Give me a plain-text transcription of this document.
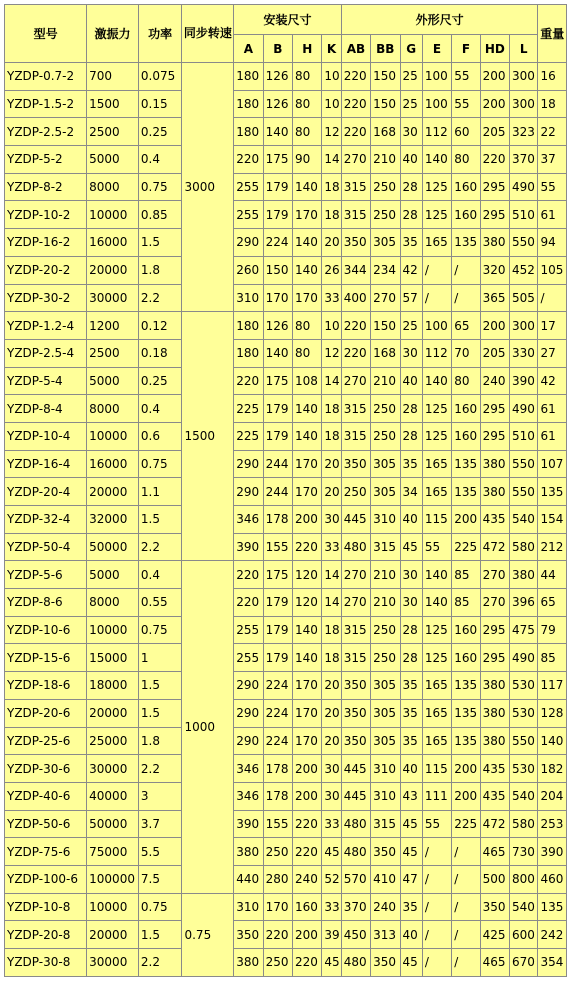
型号	激振力	功率	同步转速	安装尺寸				外形尺寸							重量
				A	B	H	K	AB	BB	G	E	F	HD	L	
YZDP-0.7-2	700	0.075	3000	180	126	80	10	220	150	25	100	55	200	300	16
YZDP-1.5-2	1500	0.15		180	126	80	10	220	150	25	100	55	200	300	18
YZDP-2.5-2	2500	0.25		180	140	80	12	220	168	30	112	60	205	323	22
YZDP-5-2	5000	0.4		220	175	90	14	270	210	40	140	80	220	370	37
YZDP-8-2	8000	0.75		255	179	140	18	315	250	28	125	160	295	490	55
YZDP-10-2	10000	0.85		255	179	170	18	315	250	28	125	160	295	510	61
YZDP-16-2	16000	1.5		290	224	140	20	350	305	35	165	135	380	550	94
YZDP-20-2	20000	1.8		260	150	140	26	344	234	42	/	/	320	452	105
YZDP-30-2	30000	2.2		310	170	170	33	400	270	57	/	/	365	505	/
YZDP-1.2-4	1200	0.12	1500	180	126	80	10	220	150	25	100	65	200	300	17
YZDP-2.5-4	2500	0.18		180	140	80	12	220	168	30	112	70	205	330	27
YZDP-5-4	5000	0.25		220	175	108	14	270	210	40	140	80	240	390	42
YZDP-8-4	8000	0.4		225	179	140	18	315	250	28	125	160	295	490	61
YZDP-10-4	10000	0.6		225	179	140	18	315	250	28	125	160	295	510	61
YZDP-16-4	16000	0.75		290	244	170	20	350	305	35	165	135	380	550	107
YZDP-20-4	20000	1.1		290	244	170	20	250	305	34	165	135	380	550	135
YZDP-32-4	32000	1.5		346	178	200	30	445	310	40	115	200	435	540	154
YZDP-50-4	50000	2.2		390	155	220	33	480	315	45	55	225	472	580	212
YZDP-5-6	5000	0.4	1000	220	175	120	14	270	210	30	140	85	270	380	44
YZDP-8-6	8000	0.55		220	179	120	14	270	210	30	140	85	270	396	65
YZDP-10-6	10000	0.75		255	179	140	18	315	250	28	125	160	295	475	79
YZDP-15-6	15000	1		255	179	140	18	315	250	28	125	160	295	490	85
YZDP-18-6	18000	1.5		290	224	170	20	350	305	35	165	135	380	530	117
YZDP-20-6	20000	1.5		290	224	170	20	350	305	35	165	135	380	530	128
YZDP-25-6	25000	1.8		290	224	170	20	350	305	35	165	135	380	550	140
YZDP-30-6	30000	2.2		346	178	200	30	445	310	40	115	200	435	530	182
YZDP-40-6	40000	3		346	178	200	30	445	310	43	111	200	435	540	204
YZDP-50-6	50000	3.7		390	155	220	33	480	315	45	55	225	472	580	253
YZDP-75-6	75000	5.5		380	250	220	45	480	350	45	/	/	465	730	390
YZDP-100-6	100000	7.5		440	280	240	52	570	410	47	/	/	500	800	460
YZDP-10-8	10000	0.75	0.75	310	170	160	33	370	240	35	/	/	350	540	135
YZDP-20-8	20000	1.5		350	220	200	39	450	313	40	/	/	425	600	242
YZDP-30-8	30000	2.2		380	250	220	45	480	350	45	/	/	465	670	354
